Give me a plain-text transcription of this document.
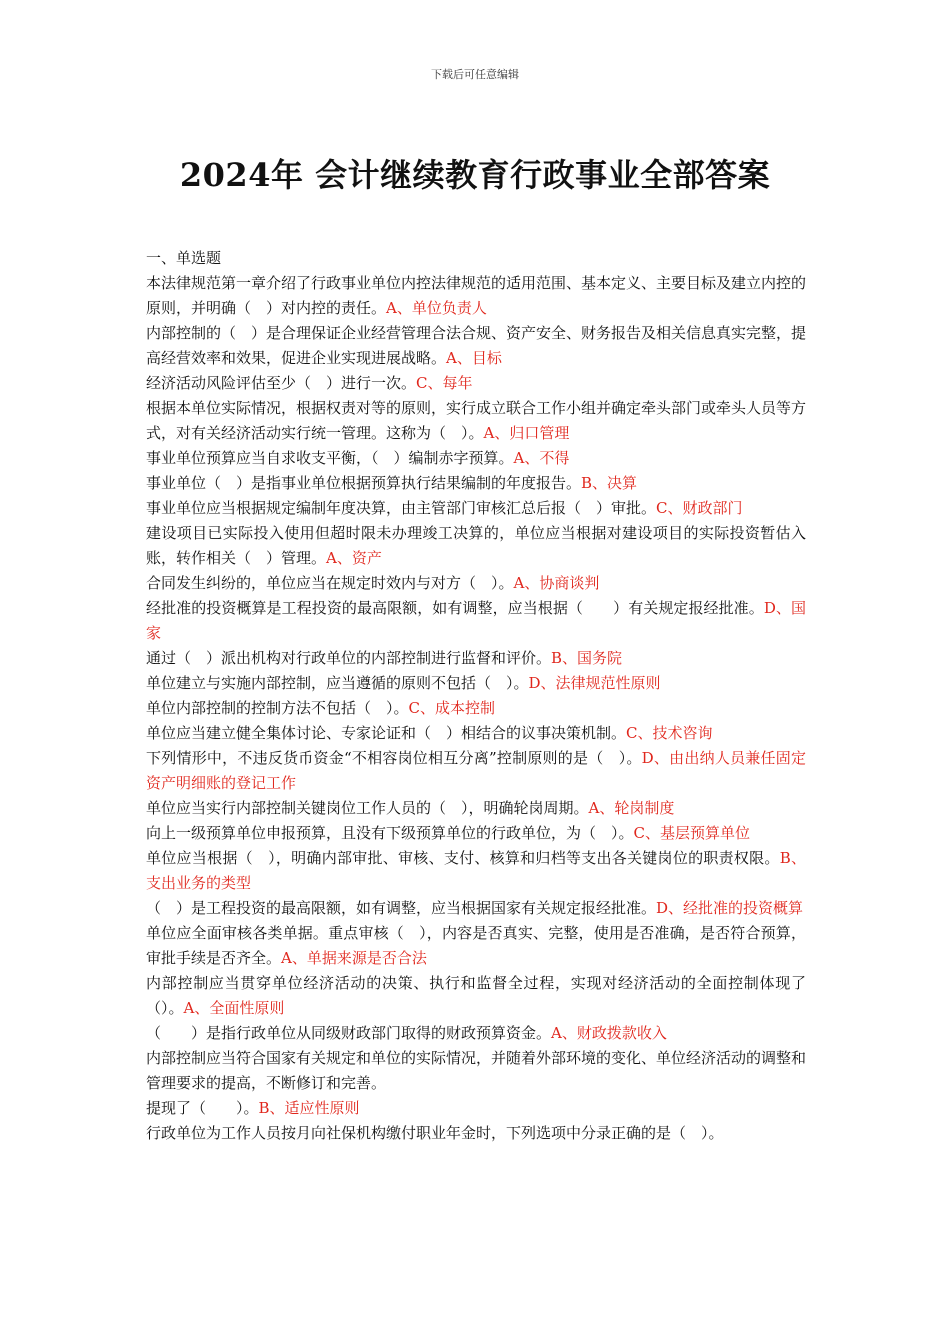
下载后可任意编辑
2024年 会计继续教育行政事业全部答案

一、单选题

本法律规范第一章介绍了行政事业单位内控法律规范的适用范围、基本定义、主要目标及建立内控的原则，并明确（　）对内控的责任。A、单位负责人

内部控制的（　）是合理保证企业经营管理合法合规、资产安全、财务报告及相关信息真实完整，提高经营效率和效果，促进企业实现进展战略。A、目标

经济活动风险评估至少（　）进行一次。C、每年

根据本单位实际情况，根据权责对等的原则，实行成立联合工作小组并确定牵头部门或牵头人员等方式，对有关经济活动实行统一管理。这称为（　）。A、归口管理

事业单位预算应当自求收支平衡，（　）编制赤字预算。A、不得

事业单位（　）是指事业单位根据预算执行结果编制的年度报告。B、决算

事业单位应当根据规定编制年度决算，由主管部门审核汇总后报（　）审批。C、财政部门

建设项目已实际投入使用但超时限未办理竣工决算的，单位应当根据对建设项目的实际投资暂估入账，转作相关（　）管理。A、资产

合同发生纠纷的，单位应当在规定时效内与对方（　）。A、协商谈判

经批准的投资概算是工程投资的最高限额，如有调整，应当根据（　　）有关规定报经批准。D、国家

通过（　）派出机构对行政单位的内部控制进行监督和评价。B、国务院

单位建立与实施内部控制，应当遵循的原则不包括（　）。D、法律规范性原则

单位内部控制的控制方法不包括（　）。C、成本控制

单位应当建立健全集体讨论、专家论证和（　）相结合的议事决策机制。C、技术咨询

下列情形中，不违反货币资金“不相容岗位相互分离”控制原则的是（　）。D、由出纳人员兼任固定资产明细账的登记工作

单位应当实行内部控制关键岗位工作人员的（　），明确轮岗周期。A、轮岗制度

向上一级预算单位申报预算，且没有下级预算单位的行政单位，为（　）。C、基层预算单位

单位应当根据（　），明确内部审批、审核、支付、核算和归档等支出各关键岗位的职责权限。B、支出业务的类型

（　）是工程投资的最高限额，如有调整，应当根据国家有关规定报经批准。D、经批准的投资概算

单位应全面审核各类单据。重点审核（　），内容是否真实、完整，使用是否准确，是否符合预算，审批手续是否齐全。A、单据来源是否合法

内部控制应当贯穿单位经济活动的决策、执行和监督全过程，实现对经济活动的全面控制体现了（）。A、全面性原则

（　　）是指行政单位从同级财政部门取得的财政预算资金。A、财政拨款收入

内部控制应当符合国家有关规定和单位的实际情况，并随着外部环境的变化、单位经济活动的调整和管理要求的提高，不断修订和完善。

提现了（　　）。B、适应性原则

行政单位为工作人员按月向社保机构缴付职业年金时，下列选项中分录正确的是（　）。
